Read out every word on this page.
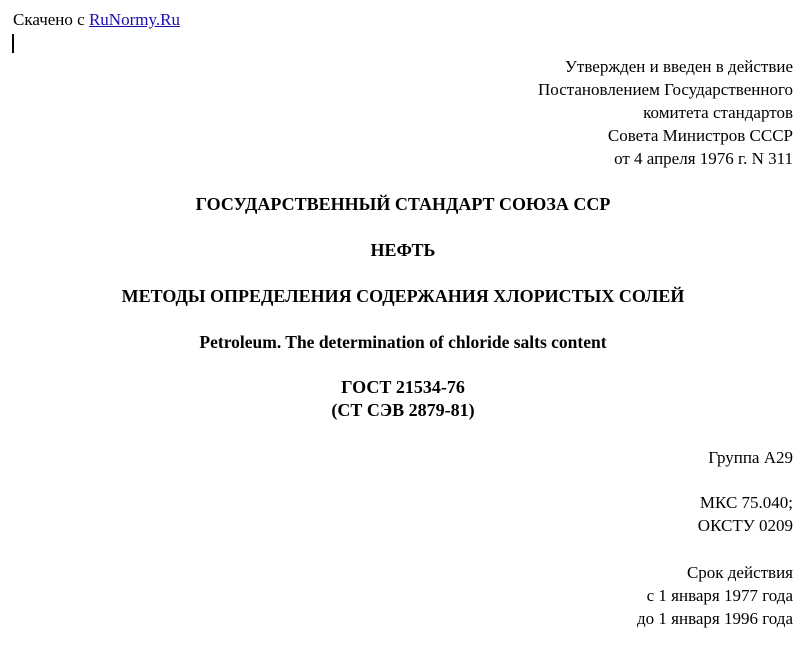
Скачено с RuNormy.Ru
Утвержден и введен в действие
Постановлением Государственного
комитета стандартов
Совета Министров СССР
от 4 апреля 1976 г. N 311
ГОСУДАРСТВЕННЫЙ СТАНДАРТ СОЮЗА ССР
НЕФТЬ
МЕТОДЫ ОПРЕДЕЛЕНИЯ СОДЕРЖАНИЯ ХЛОРИСТЫХ СОЛЕЙ
Petroleum. The determination of chloride salts content
ГОСТ 21534-76
(СТ СЭВ 2879-81)
Группа А29
МКС 75.040;
ОКСТУ 0209
Срок действия
с 1 января 1977 года
до 1 января 1996 года
